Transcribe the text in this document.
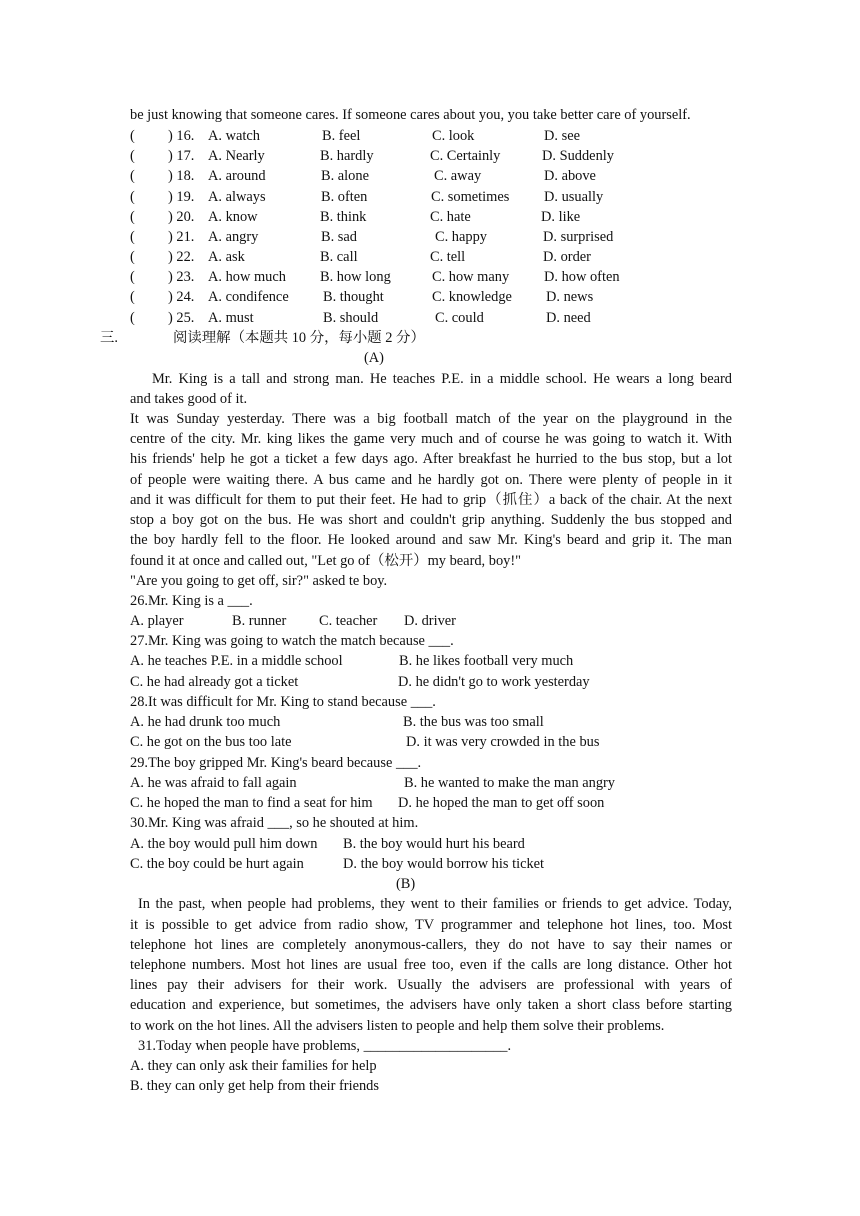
be just knowing that someone cares. If someone cares about you, you take better care of yourself.
( ) 16. A. watch	B. feel	C. look	D. see
( ) 17. A. Nearly	B. hardly	C. Certainly	D. Suddenly
( ) 18. A. around	B. alone	C. away	D. above
( ) 19. A. always	B. often	C. sometimes D. usually
( ) 20. A. know	B. think	C. hate	D. like
( ) 21. A. angry	B. sad	C. happy	D. surprised
( ) 22. A. ask	B. call	C. tell	D. order
( ) 23. A. how much B. how long	C. how many D. how often
( ) 24. A. condifence B. thought	C. knowledge D. news
( ) 25. A. must	B. should	C. could	D. need
三.	阅读理解（本题共 10 分，每小题 2 分）
(A)
Mr. King is a tall and strong man. He teaches P.E. in a middle school. He wears a long beard
and takes good of it.
It was Sunday yesterday. There was a big football match of the year on the playground in the
centre of the city. Mr. king likes the game very much and of course he was going to watch it. With
his friends' help he got a ticket a few days ago. After breakfast he hurried to the bus stop, but a lot
of people were waiting there. A bus came and he hardly got on. There were plenty of people in it
and it was difficult for them to put their feet. He had to grip（抓住）a back of the chair. At the next
stop a boy got on the bus. He was short and couldn't grip anything. Suddenly the bus stopped and
the boy hardly fell to the floor. He looked around and saw Mr. King's beard and grip it. The man
found it at once and called out, "Let go of（松开）my beard, boy!"
"Are you going to get off, sir?" asked te boy.
26.Mr. King is a ___.
A. player	B. runner C. teacher D. driver
27.Mr. King was going to watch the match because ___.
A. he teaches P.E. in a middle school	B. he likes football very much
C. he had already got a ticket	D. he didn't go to work yesterday
28.It was difficult for Mr. King to stand because ___.
A. he had drunk too much	B. the bus was too small
C. he got on the bus too late	D. it was very crowded in the bus
29.The boy gripped Mr. King's beard because ___.
A. he was afraid to fall again	B. he wanted to make the man angry
C. he hoped the man to find a seat for him D. he hoped the man to get off soon
30.Mr. King was afraid ___, so he shouted at him.
A. the boy would pull him down B. the boy would hurt his beard
C. the boy could be hurt again	D. the boy would borrow his ticket
(B)
In the past, when people had problems, they went to their families or friends to get advice. Today,
it is possible to get advice from radio show, TV programmer and telephone hot lines, too. Most
telephone hot lines are completely anonymous-callers, they do not have to say their names or
telephone numbers. Most hot lines are usual free too, even if the calls are long distance. Other hot
lines pay their advisers for their work. Usually the advisers are professional with years of
education and experience, but sometimes, the advisers have only taken a short class before starting
to work on the hot lines. All the advisers listen to people and help them solve their problems.
31.Today when people have problems, ____________________.
A. they can only ask their families for help
B. they can only get help from their friends
